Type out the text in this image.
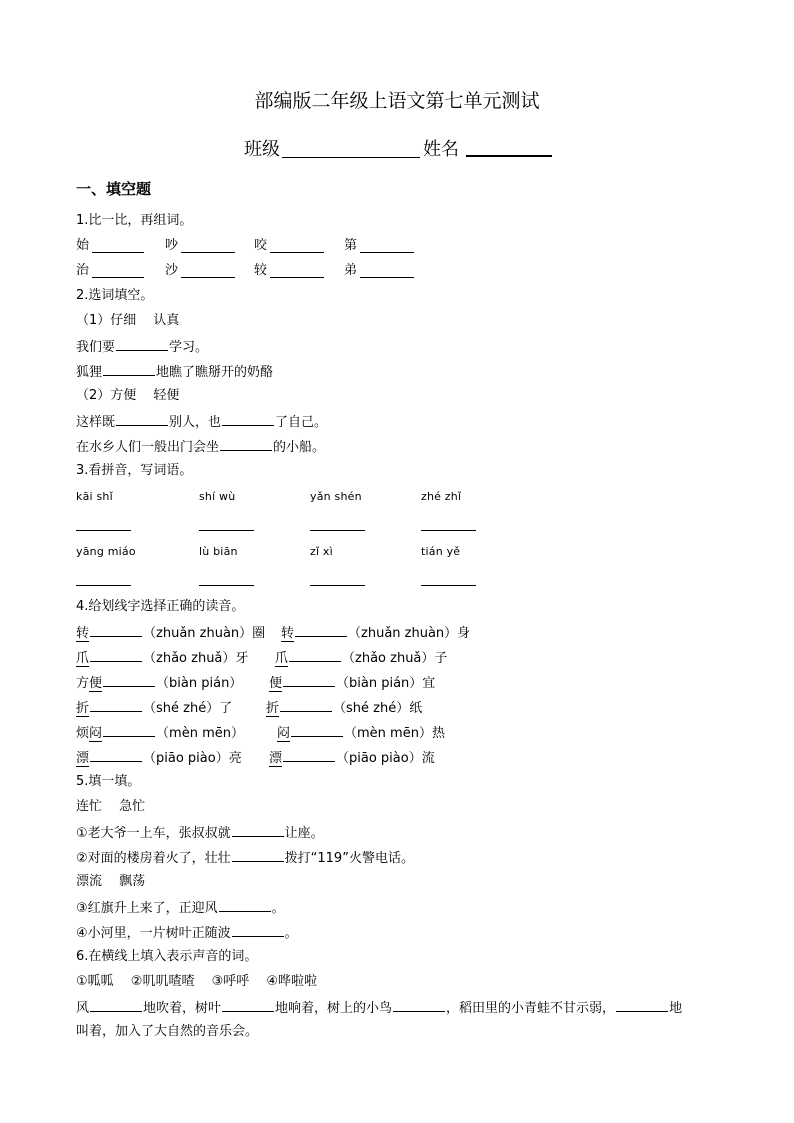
部编版二年级上语文第七单元测试
班级	姓名
一、填空题
1.比一比，再组词。
始	吵	咬	第
治	沙	较	弟
2.选词填空。
（1）仔细　 认真
我们要	学习。
狐狸	地瞧了瞧掰开的奶酪
（2）方便　 轻便
这样既	别人，也	了自己。
在水乡人们一般出门会坐	的小船。
3.看拼音，写词语。
kāi shǐ	shí wù	yǎn shén	zhé zhǐ
yāng miáo	lù biān	zǐ xì	tián yě
4.给划线字选择正确的读音。
转	（zhuǎn zhuàn）圈 转	（zhuǎn zhuàn）身
爪	（zhǎo zhuǎ）牙 爪	（zhǎo zhuǎ）子
方便	（biàn pián） 便	（biàn pián）宜
折	（shé zhé）了	折	（shé zhé）纸
烦闷	（mèn mēn）	闷	（mèn mēn）热
漂	（piāo piào）亮 漂	（piāo piào）流
5.填一填。
连忙　 急忙
①老大爷一上车，张叔叔就	让座。
②对面的楼房着火了，壮壮	拨打“119”火警电话。
漂流　 飘荡
③红旗升上来了，正迎风	。
④小河里，一片树叶正随波	。
6.在横线上填入表示声音的词。
①呱呱　 ②叽叽喳喳　 ③呼呼　 ④哗啦啦
风	地吹着，树叶	地响着，树上的小鸟	，稻田里的小青蛙不甘示弱，	地
叫着，加入了大自然的音乐会。
